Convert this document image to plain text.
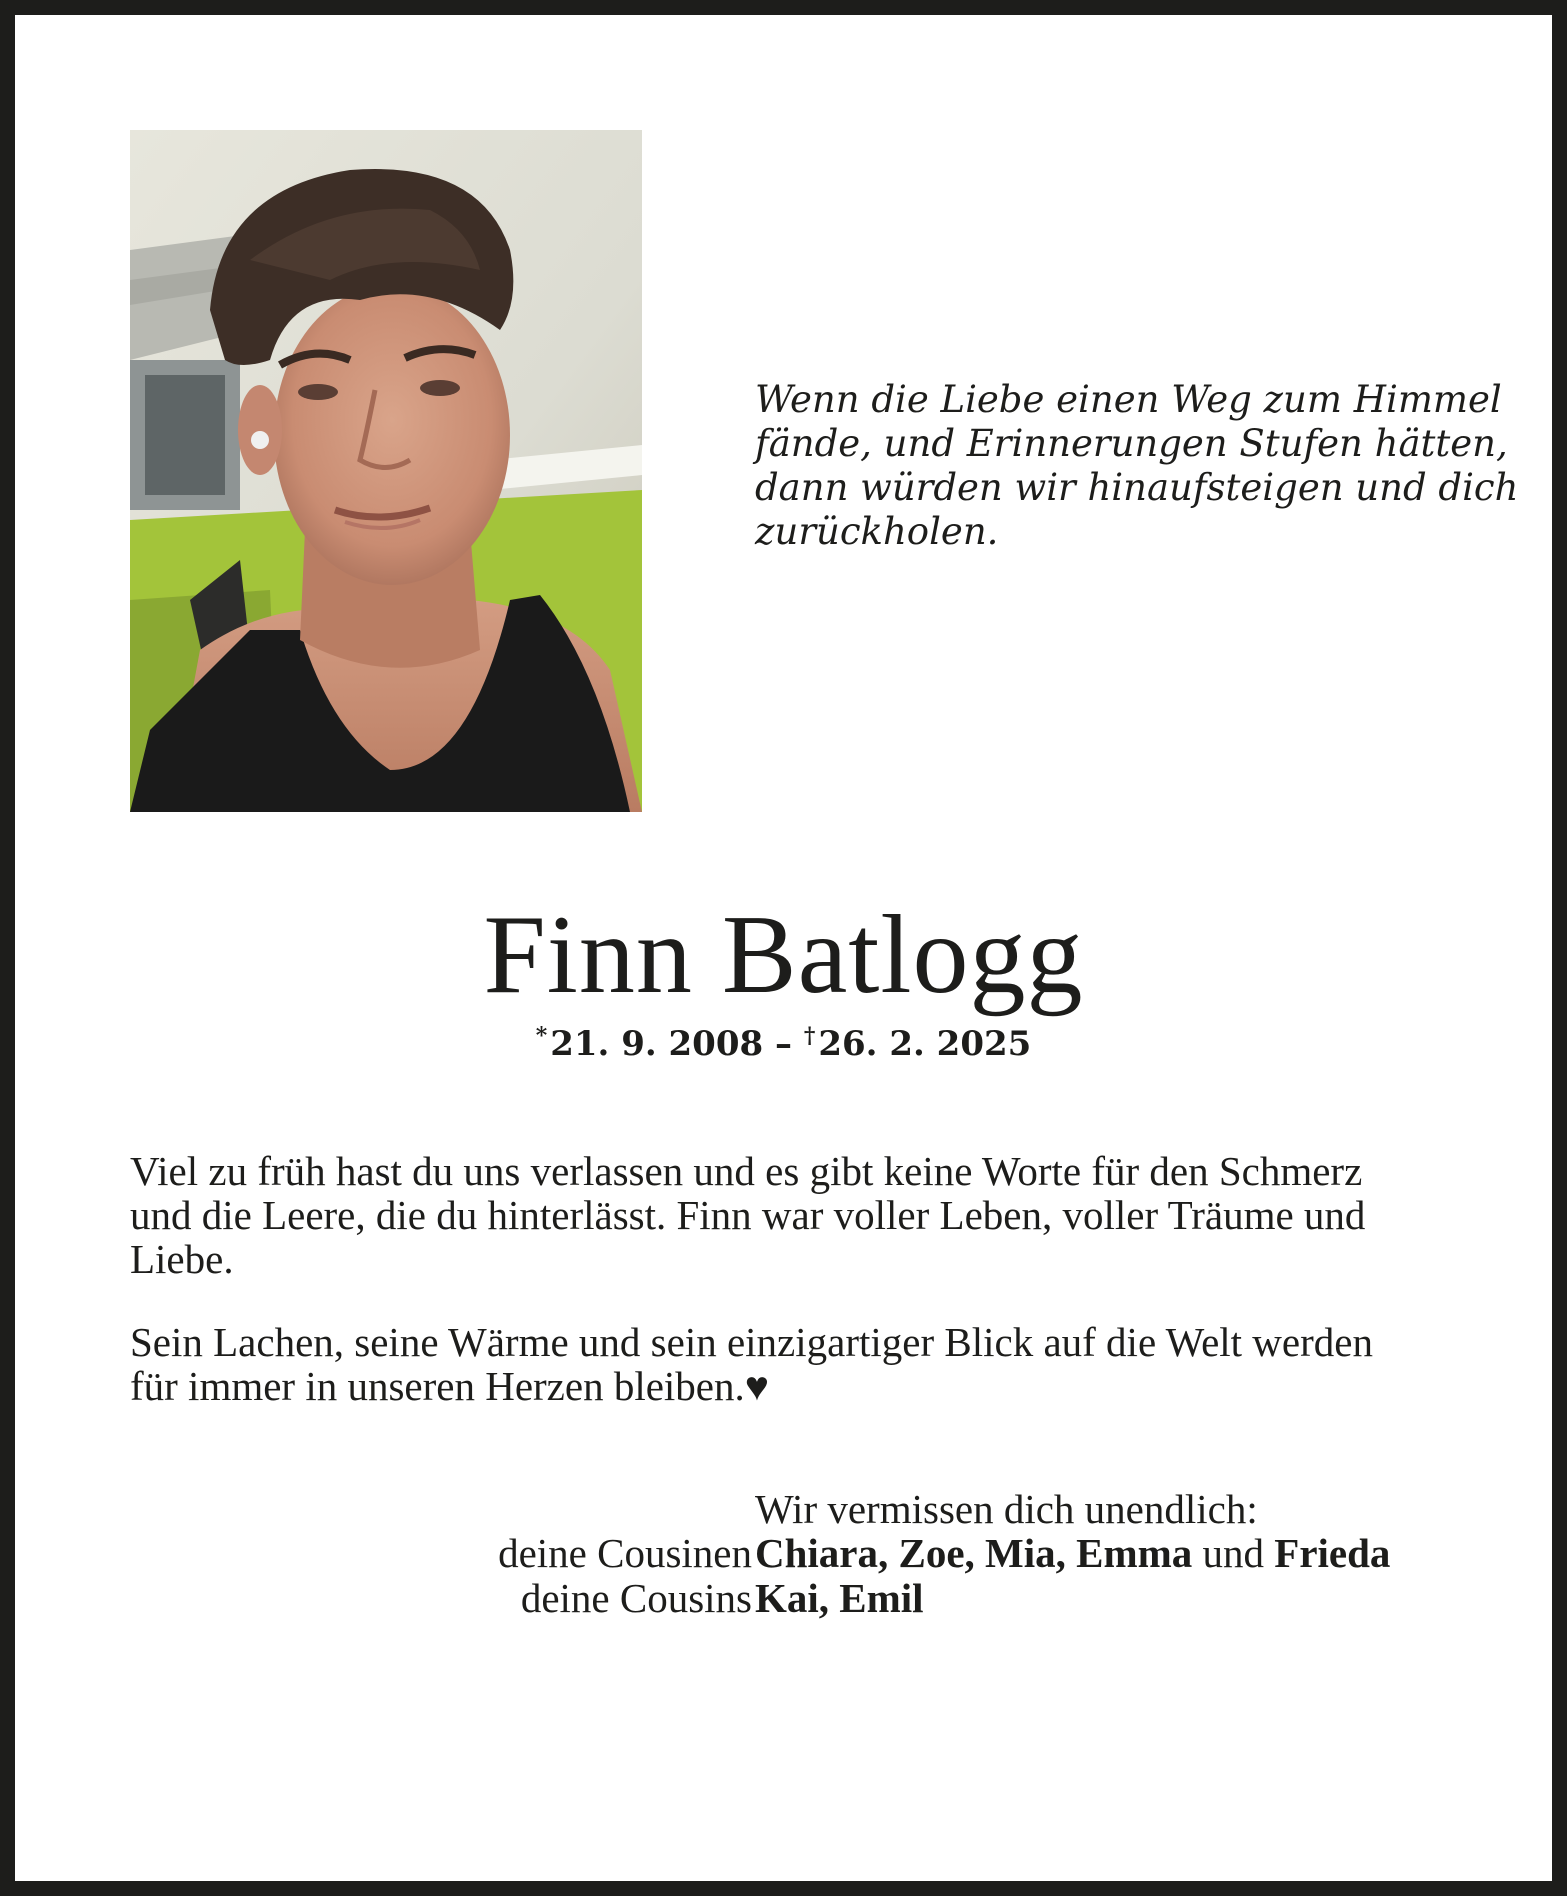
Wenn die Liebe einen Weg zum Himmel
fände, und Erinnerungen Stufen hätten,
dann würden wir hinaufsteigen und dich
zurückholen.
Finn Batlogg
*21. 9. 2008 – †26. 2. 2025
Viel zu früh hast du uns verlassen und es gibt keine Worte für den Schmerz
und die Leere, die du hinterlässt. Finn war voller Leben, voller Träume und
Liebe.
Sein Lachen, seine Wärme und sein einzigartiger Blick auf die Welt werden
für immer in unseren Herzen bleiben.♥
Wir vermissen dich unendlich:
deine Cousinen Chiara, Zoe, Mia, Emma und Frieda
deine Cousins Kai, Emil
